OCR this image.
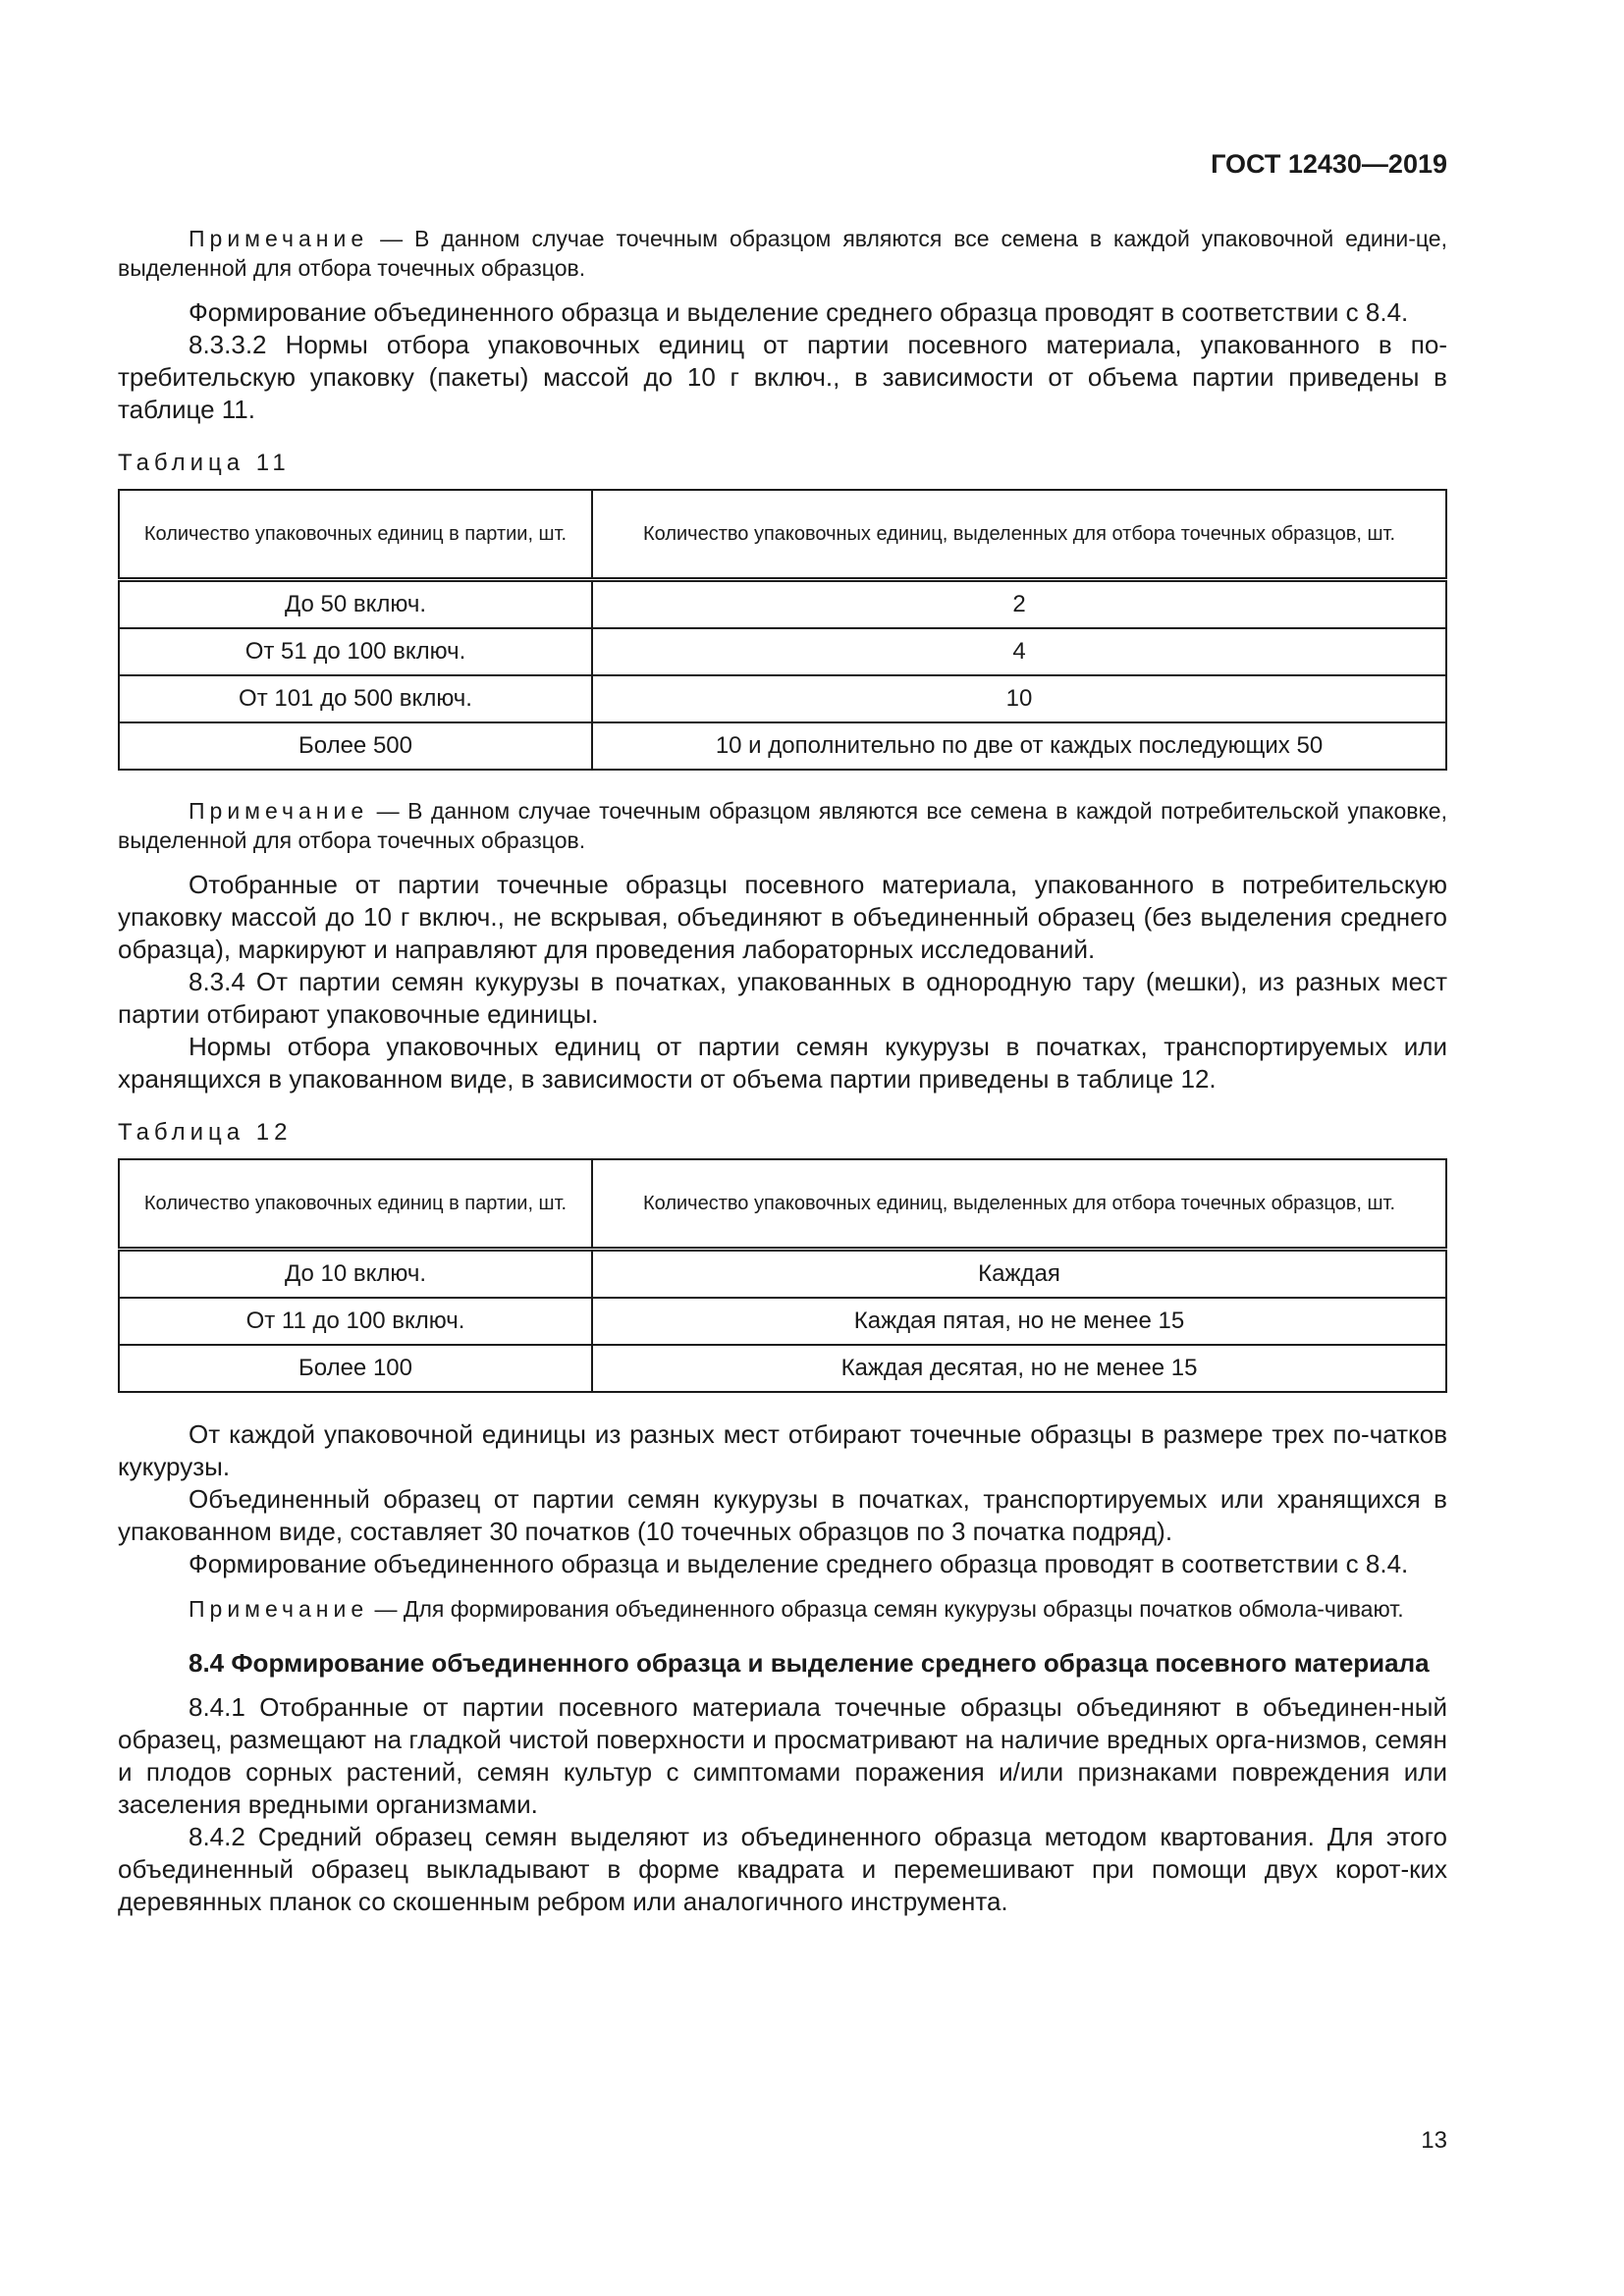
ГОСТ 12430—2019

Примечание — В данном случае точечным образцом являются все семена в каждой упаковочной едини-це, выделенной для отбора точечных образцов.

Формирование объединенного образца и выделение среднего образца проводят в соответствии с 8.4.

8.3.3.2 Нормы отбора упаковочных единиц от партии посевного материала, упакованного в по-требительскую упаковку (пакеты) массой до 10 г включ., в зависимости от объема партии приведены в таблице 11.

Таблица 11
Количество упаковочных единиц в партии, шт.	Количество упаковочных единиц, выделенных для отбора точечных образцов, шт.
До 50 включ.	2
От 51 до 100 включ.	4
От 101 до 500 включ.	10
Более 500	10 и дополнительно по две от каждых последующих 50

Примечание — В данном случае точечным образцом являются все семена в каждой потребительской упаковке, выделенной для отбора точечных образцов.

Отобранные от партии точечные образцы посевного материала, упакованного в потребительскую упаковку массой до 10 г включ., не вскрывая, объединяют в объединенный образец (без выделения среднего образца), маркируют и направляют для проведения лабораторных исследований.

8.3.4 От партии семян кукурузы в початках, упакованных в однородную тару (мешки), из разных мест партии отбирают упаковочные единицы.

Нормы отбора упаковочных единиц от партии семян кукурузы в початках, транспортируемых или хранящихся в упакованном виде, в зависимости от объема партии приведены в таблице 12.

Таблица 12
Количество упаковочных единиц в партии, шт.	Количество упаковочных единиц, выделенных для отбора точечных образцов, шт.
До 10 включ.	Каждая
От 11 до 100 включ.	Каждая пятая, но не менее 15
Более 100	Каждая десятая, но не менее 15

От каждой упаковочной единицы из разных мест отбирают точечные образцы в размере трех по-чатков кукурузы.

Объединенный образец от партии семян кукурузы в початках, транспортируемых или хранящихся в упакованном виде, составляет 30 початков (10 точечных образцов по 3 початка подряд).

Формирование объединенного образца и выделение среднего образца проводят в соответствии с 8.4.

Примечание — Для формирования объединенного образца семян кукурузы образцы початков обмола-чивают.

8.4 Формирование объединенного образца и выделение среднего образца посевного материала

8.4.1 Отобранные от партии посевного материала точечные образцы объединяют в объединен-ный образец, размещают на гладкой чистой поверхности и просматривают на наличие вредных орга-низмов, семян и плодов сорных растений, семян культур с симптомами поражения и/или признаками повреждения или заселения вредными организмами.

8.4.2 Средний образец семян выделяют из объединенного образца методом квартования. Для этого объединенный образец выкладывают в форме квадрата и перемешивают при помощи двух корот-ких деревянных планок со скошенным ребром или аналогичного инструмента.

13
